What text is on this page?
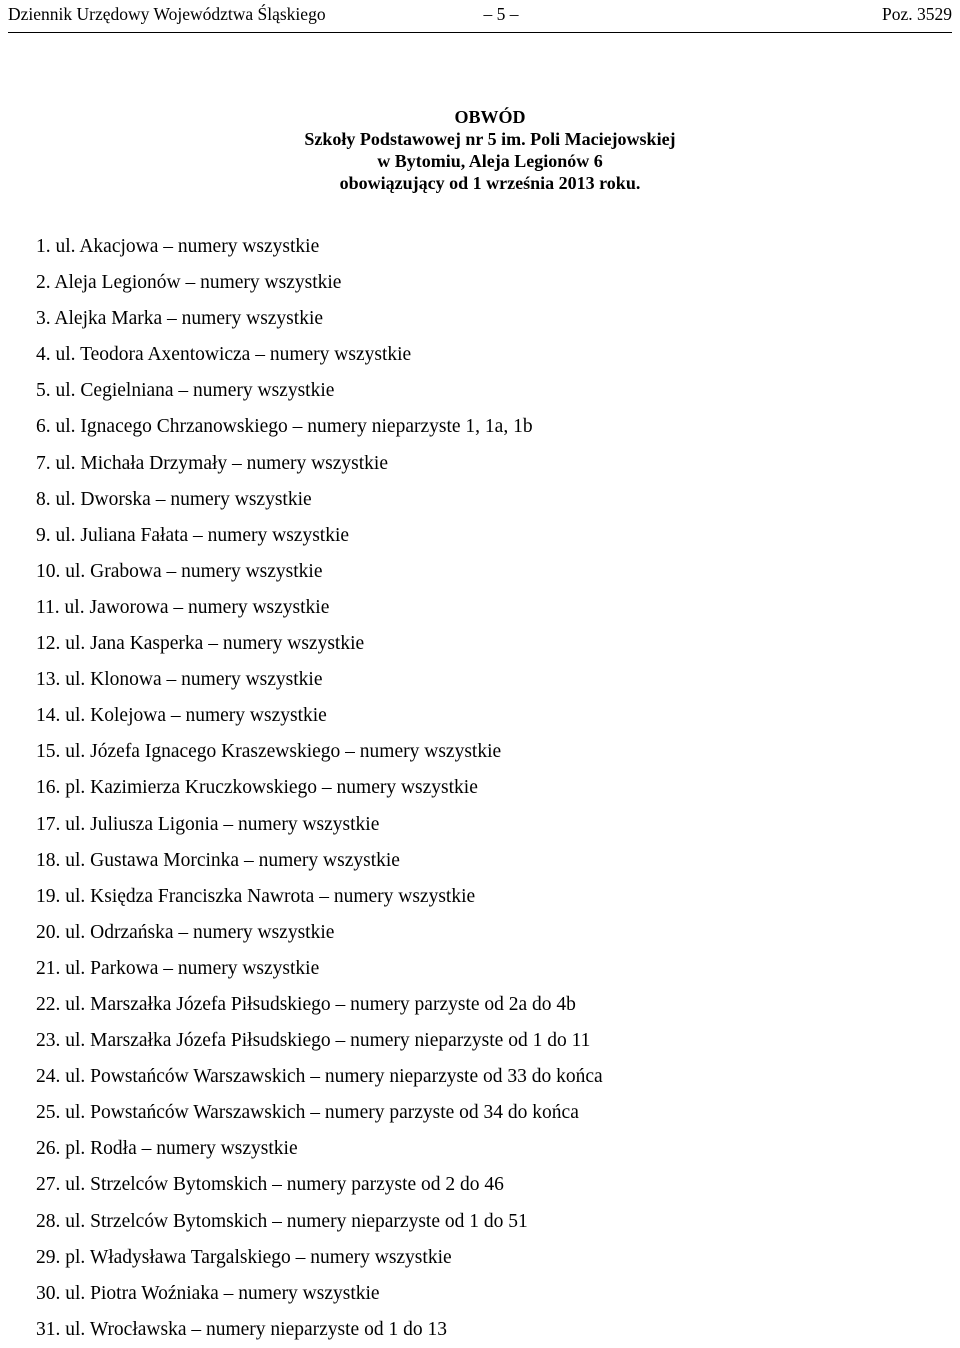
Dziennik Urzędowy Województwa Śląskiego	– 5 –	Poz. 3529
OBWÓD
Szkoły Podstawowej nr 5 im. Poli Maciejowskiej
w Bytomiu, Aleja Legionów 6
obowiązujący od 1 września 2013 roku.
1. ul. Akacjowa – numery wszystkie
2. Aleja Legionów – numery wszystkie
3. Alejka Marka – numery wszystkie
4. ul. Teodora Axentowicza – numery wszystkie
5. ul. Cegielniana – numery wszystkie
6. ul. Ignacego Chrzanowskiego – numery nieparzyste 1, 1a, 1b
7. ul. Michała Drzymały – numery wszystkie
8. ul. Dworska – numery wszystkie
9. ul. Juliana Fałata – numery wszystkie
10. ul. Grabowa – numery wszystkie
11. ul. Jaworowa – numery wszystkie
12. ul. Jana Kasperka – numery wszystkie
13. ul. Klonowa – numery wszystkie
14. ul. Kolejowa – numery wszystkie
15. ul. Józefa Ignacego Kraszewskiego – numery wszystkie
16. pl. Kazimierza Kruczkowskiego – numery wszystkie
17. ul. Juliusza Ligonia – numery wszystkie
18. ul. Gustawa Morcinka – numery wszystkie
19. ul. Księdza Franciszka Nawrota – numery wszystkie
20. ul. Odrzańska – numery wszystkie
21. ul. Parkowa – numery wszystkie
22. ul. Marszałka Józefa Piłsudskiego – numery parzyste od 2a do 4b
23. ul. Marszałka Józefa Piłsudskiego – numery nieparzyste od 1 do 11
24. ul. Powstańców Warszawskich – numery nieparzyste od 33 do końca
25. ul. Powstańców Warszawskich – numery parzyste od 34 do końca
26. pl. Rodła – numery wszystkie
27. ul. Strzelców Bytomskich – numery parzyste od 2 do 46
28. ul. Strzelców Bytomskich – numery nieparzyste od 1 do 51
29. pl. Władysława Targalskiego – numery wszystkie
30. ul. Piotra Woźniaka – numery wszystkie
31. ul. Wrocławska – numery nieparzyste od 1 do 13
